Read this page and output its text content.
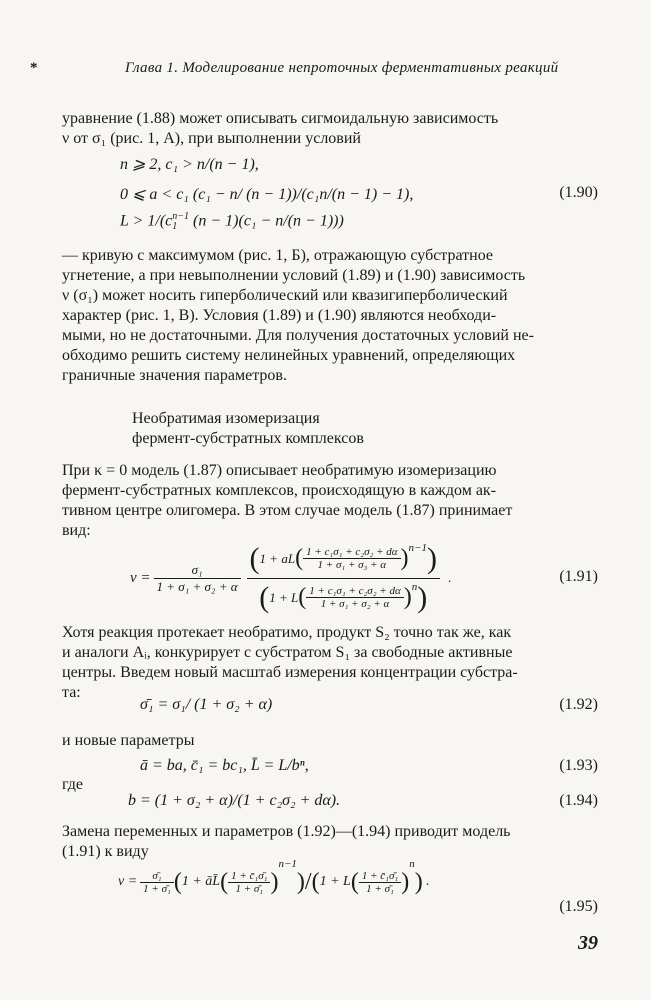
*	Глава 1. Моделирование непроточных ферментативных реакций
уравнение (1.88) может описывать сигмоидальную зависимость
ν от σ₁ (рис. 1, А), при выполнении условий
n ⩾ 2, c₁ > n/(n − 1),
0 ⩽ a < c₁ (c₁ − n/ (n − 1))/(c₁n/(n − 1) − 1),	(1.90)
L > 1/(c n−1
1 (n − 1)(c₁ − n/(n − 1)))
— кривую с максимумом (рис. 1, Б), отражающую субстратное
угнетение, а при невыполнении условий (1.89) и (1.90) зависимость
ν (σ₁) может носить гиперболический или квазигиперболический
характер (рис. 1, В). Условия (1.89) и (1.90) являются необходи-
мыми, но не достаточными. Для получения достаточных условий не-
обходимо решить систему нелинейных уравнений, определяющих
граничные значения параметров.
Необратимая изомеризация
фермент-субстратных комплексов
При κ = 0 модель (1.87) описывает необратимую изомеризацию
фермент-субстратных комплексов, происходящую в каждом ак-
тивном центре олигомера. В этом случае модель (1.87) принимает
вид:
$\nu = \frac{\text{σ₁}}{\text{1 + σ₁ + σ₂ + α}}$
( 1 + aL ( $\frac{\text{1 + c₁σ₁ + c₂σ₂ + dα}}{\text{1 + σ₁ + σ₃ + α}} )^{n-1}$ )
( 1 + L ( $\frac{\text{1 + c₁σ₁ + c₂σ₂ + dα}}{\text{1 + σ₁ + σ₂ + α}} )^n$ )
.	(1.91)
Хотя реакция протекает необратимо, продукт S₂ точно так же, как
и аналоги Aᵢ, конкурирует с субстратом S₁ за свободные активные
центры. Введем новый масштаб измерения концентрации субстра-
та:
σ̄₁ = σ₁/ (1 + σ₂ + α)	(1.92)
и новые параметры
ā = ba, c̄₁ = bc₁, L̄ = L/bⁿ,	(1.93)
где
b = (1 + σ₂ + α)/(1 + c₂σ₂ + dα).	(1.94)
Замена переменных и параметров (1.92)—(1.94) приводит модель
(1.91) к виду
$\nu = \frac{\text{σ̄₁}}{\text{1 + σ̄₁}}$ ( 1 + āL̄ ( $\frac{\text{1 + c̄₁σ̄₁}}{\text{1 + σ̄₁}}$ )
$^{n-1}$
) / ( 1 + L ( $\frac{\text{1 + c̄₁σ̄₁}}{\text{1 + σ̄₁}}$ )
$^n$
) .
(1.95)
39
